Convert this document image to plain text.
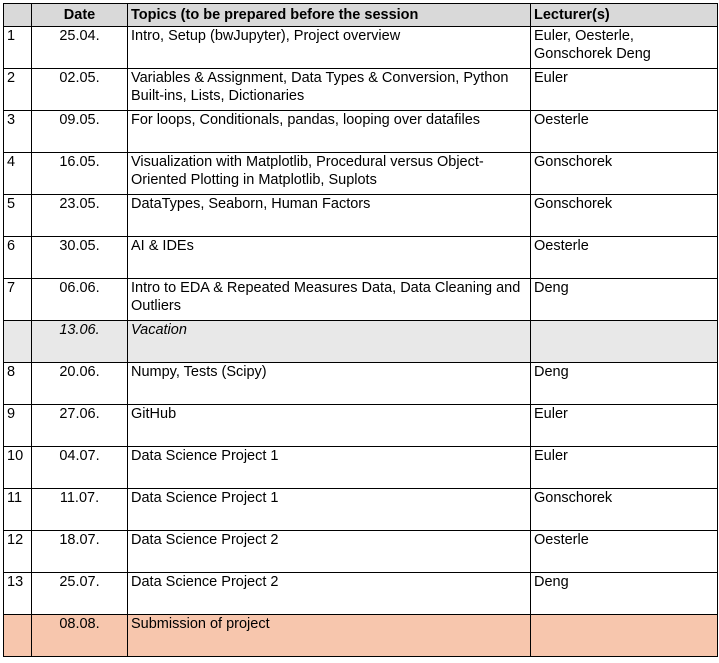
	Date	Topics (to be prepared before the session	Lecturer(s)
1	25.04.	Intro, Setup (bwJupyter), Project overview	Euler, Oesterle, Gonschorek Deng
2	02.05.	Variables & Assignment, Data Types & Conversion, Python Built-ins, Lists, Dictionaries	Euler
3	09.05.	For loops, Conditionals, pandas, looping over datafiles	Oesterle
4	16.05.	Visualization with Matplotlib, Procedural versus Object-Oriented Plotting in Matplotlib, Suplots	Gonschorek
5	23.05.	DataTypes, Seaborn, Human Factors	Gonschorek
6	30.05.	AI & IDEs	Oesterle
7	06.06.	Intro to EDA & Repeated Measures Data, Data Cleaning and Outliers	Deng
	13.06.	Vacation	
8	20.06.	Numpy, Tests (Scipy)	Deng
9	27.06.	GitHub	Euler
10	04.07.	Data Science Project 1	Euler
11	11.07.	Data Science Project 1	Gonschorek
12	18.07.	Data Science Project 2	Oesterle
13	25.07.	Data Science Project 2	Deng
	08.08.	Submission of project	
